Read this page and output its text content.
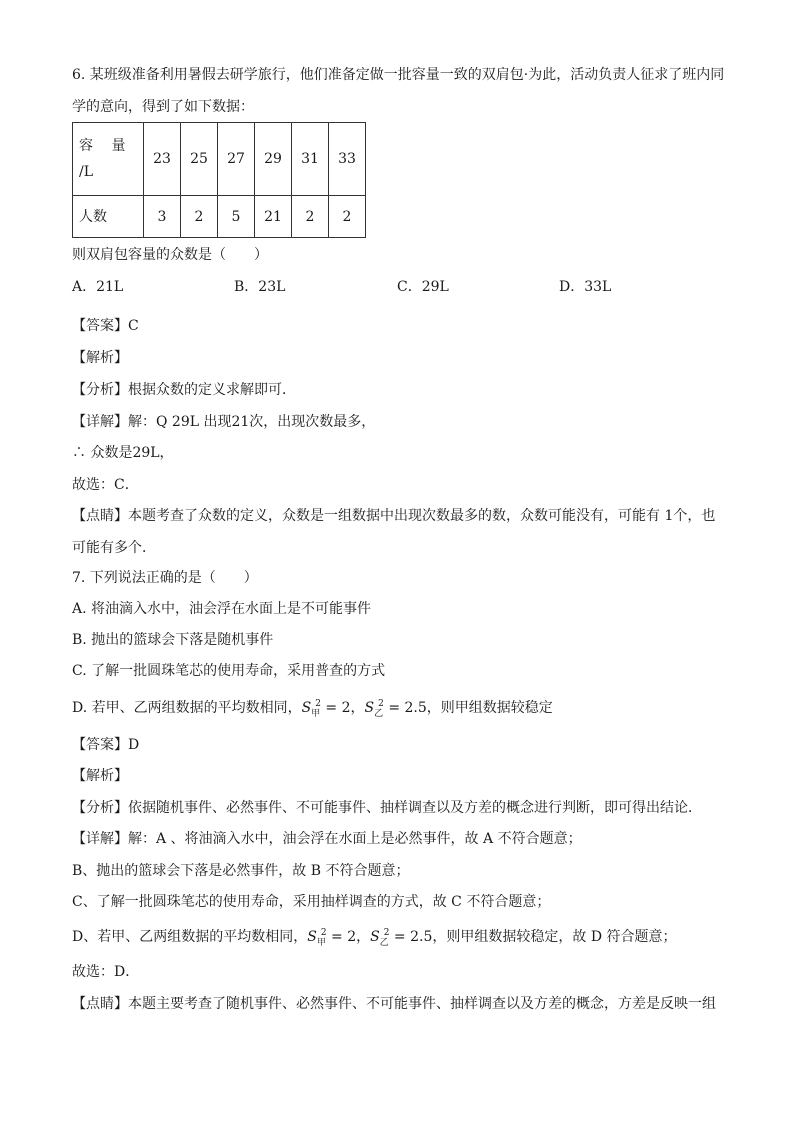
6. 某班级准备利用暑假去研学旅行，他们准备定做一批容量一致的双肩包·为此，活动负责人征求了班内同
学的意向，得到了如下数据：
容　 量
/L	23	25	27	29	31	33
人数	3	2	5	21	2	2
则双肩包容量的众数是（　　）
A．21L	B．23L	C．29L	D．33L
【答案】C
【解析】
【分析】根据众数的定义求解即可．
【详解】解：Q 29L 出现21次，出现次数最多，
∴ 众数是29L，
故选：C．
【点睛】本题考查了众数的定义，众数是一组数据中出现次数最多的数，众数可能没有，可能有 1个，也
可能有多个．
7. 下列说法正确的是（　　）
A. 将油滴入水中，油会浮在水面上是不可能事件
B. 抛出的篮球会下落是随机事件
C. 了解一批圆珠笔芯的使用寿命，采用普查的方式
D. 若甲、乙两组数据的平均数相同，$S_甲^2 = 2$，$S_乙^2 = 2.5$，则甲组数据较稳定
【答案】D
【解析】
【分析】依据随机事件、必然事件、不可能事件、抽样调查以及方差的概念进行判断，即可得出结论．
【详解】解：A 、将油滴入水中，油会浮在水面上是必然事件，故 A 不符合题意；
B、抛出的篮球会下落是必然事件，故 B 不符合题意；
C、了解一批圆珠笔芯的使用寿命，采用抽样调查的方式，故 C 不符合题意；
D、若甲、乙两组数据的平均数相同，$S_甲^2 = 2$，$S_乙^2 = 2.5$，则甲组数据较稳定，故 D 符合题意；
故选：D．
【点睛】本题主要考查了随机事件、必然事件、不可能事件、抽样调查以及方差的概念，方差是反映一组
